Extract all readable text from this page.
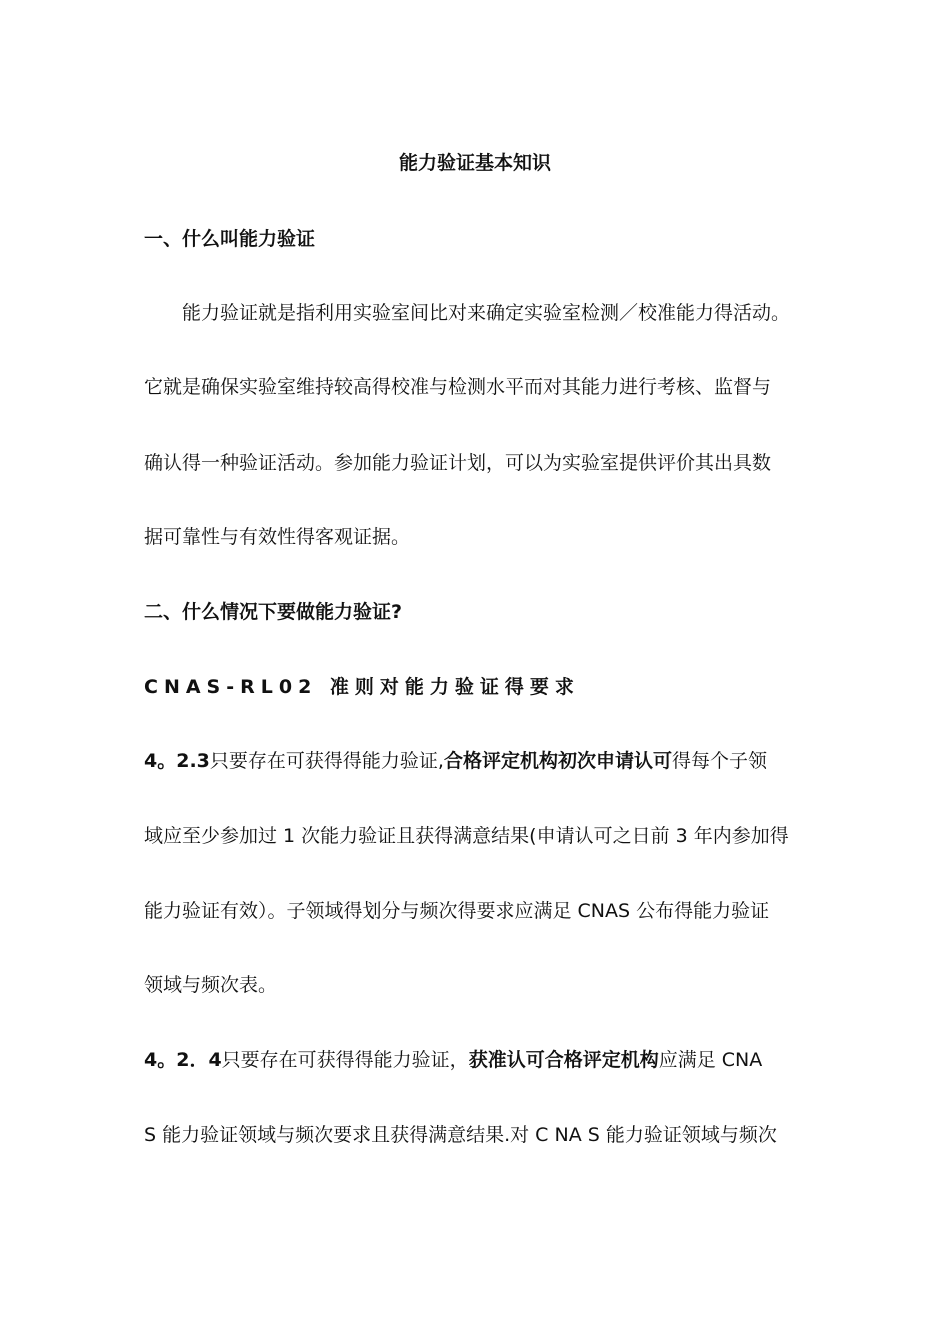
能力验证基本知识
一、什么叫能力验证
能力验证就是指利用实验室间比对来确定实验室检测／校准能力得活动。
它就是确保实验室维持较高得校准与检测水平而对其能力进行考核、监督与
确认得一种验证活动。参加能力验证计划，可以为实验室提供评价其出具数
据可靠性与有效性得客观证据。
二、什么情况下要做能力验证?
CNAS-RL02 准则对能力验证得要求
4。2.3只要存在可获得得能力验证,合格评定机构初次申请认可得每个子领
域应至少参加过 1 次能力验证且获得满意结果(申请认可之日前 3 年内参加得
能力验证有效）。子领域得划分与频次得要求应满足 CNAS 公布得能力验证
领域与频次表。
4。2．4只要存在可获得得能力验证，获准认可合格评定机构应满足 CNA
S 能力验证领域与频次要求且获得满意结果.对 C NA S 能力验证领域与频次
